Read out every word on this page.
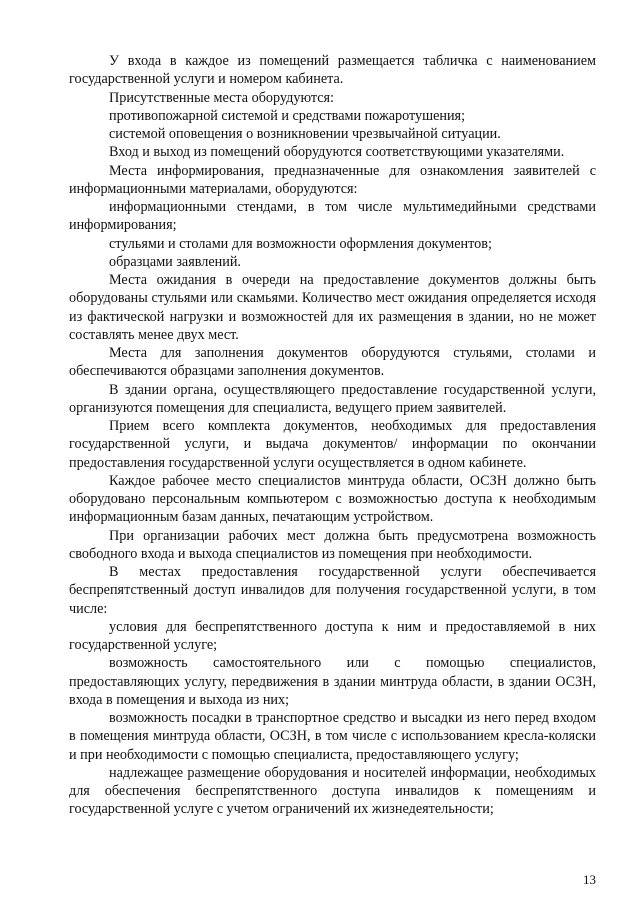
У входа в каждое из помещений размещается табличка с наименованием государственной услуги и номером кабинета.

Присутственные места оборудуются:

противопожарной системой и средствами пожаротушения;

системой оповещения о возникновении чрезвычайной ситуации.

Вход и выход из помещений оборудуются соответствующими указателями.

Места информирования, предназначенные для ознакомления заявителей с информационными материалами, оборудуются:

информационными стендами, в том числе мультимедийными средствами информирования;

стульями и столами для возможности оформления документов;

образцами заявлений.

Места ожидания в очереди на предоставление документов должны быть оборудованы стульями или скамьями. Количество мест ожидания определяется исходя из фактической нагрузки и возможностей для их размещения в здании, но не может составлять менее двух мест.

Места для заполнения документов оборудуются стульями, столами и обеспечиваются образцами заполнения документов.

В здании органа, осуществляющего предоставление государственной услуги, организуются помещения для специалиста, ведущего прием заявителей.

Прием всего комплекта документов, необходимых для предоставления государственной услуги, и выдача документов/ информации по окончании предоставления государственной услуги осуществляется в одном кабинете.

Каждое рабочее место специалистов минтруда области, ОСЗН должно быть оборудовано персональным компьютером с возможностью доступа к необходимым информационным базам данных, печатающим устройством.

При организации рабочих мест должна быть предусмотрена возможность свободного входа и выхода специалистов из помещения при необходимости.

В местах предоставления государственной услуги обеспечивается беспрепятственный доступ инвалидов для получения государственной услуги, в том числе:

условия для беспрепятственного доступа к ним и предоставляемой в них государственной услуге;

возможность самостоятельного или с помощью специалистов, предоставляющих услугу, передвижения в здании минтруда области, в здании ОСЗН, входа в помещения и выхода из них;

возможность посадки в транспортное средство и высадки из него перед входом в помещения минтруда области, ОСЗН, в том числе с использованием кресла-коляски и при необходимости с помощью специалиста, предоставляющего услугу;

надлежащее размещение оборудования и носителей информации, необходимых для обеспечения беспрепятственного доступа инвалидов к помещениям и государственной услуге с учетом ограничений их жизнедеятельности;

13
